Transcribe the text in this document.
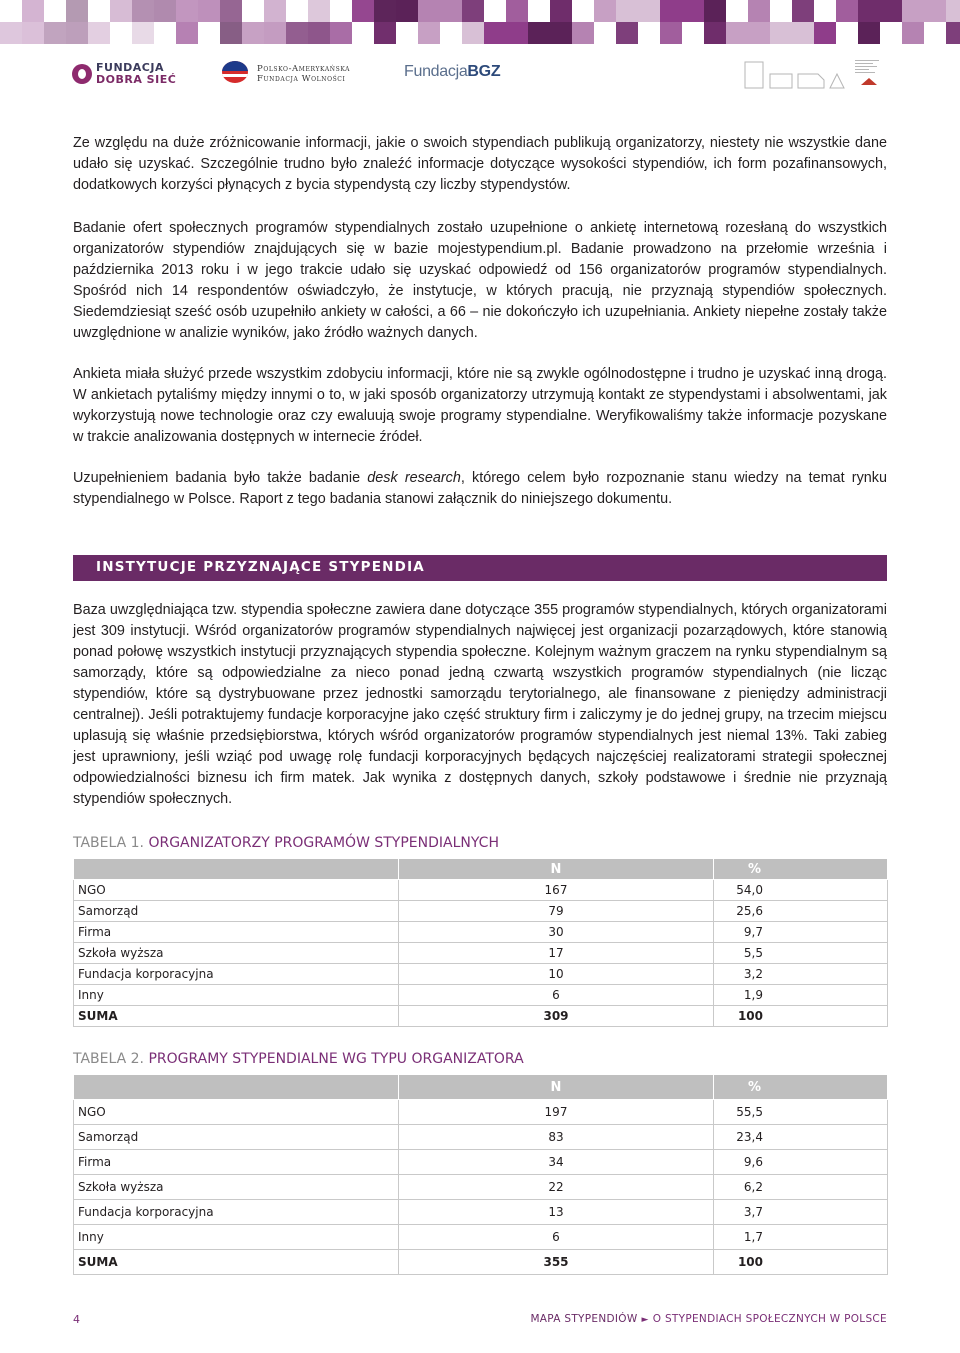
FUNDACJA
DOBRA SIEĆ
Polsko-Amerykańska
Fundacja Wolności	FundacjaBGZ

Ze względu na duże zróżnicowanie informacji, jakie o swoich stypendiach publikują organizatorzy, niestety nie wszystkie dane udało się uzyskać. Szczególnie trudno było znaleźć informacje dotyczące wysokości stypendiów, ich form pozafinansowych, dodatkowych korzyści płynących z bycia stypendystą czy liczby stypendystów.

Badanie ofert społecznych programów stypendialnych zostało uzupełnione o ankietę internetową rozesłaną do wszystkich organizatorów stypendiów znajdujących się w bazie mojestypendium.pl. Badanie prowadzono na przełomie września i października 2013 roku i w jego trakcie udało się uzyskać odpowiedź od 156 organizatorów programów stypendialnych. Spośród nich 14 respondentów oświadczyło, że instytucje, w których pracują, nie przyznają stypendiów społecznych. Siedemdziesiąt sześć osób uzupełniło ankiety w całości, a 66 – nie dokończyło ich uzupełniania. Ankiety niepełne zostały także uwzględnione w analizie wyników, jako źródło ważnych danych.

Ankieta miała służyć przede wszystkim zdobyciu informacji, które nie są zwykle ogólnodostępne i trudno je uzyskać inną drogą. W ankietach pytaliśmy między innymi o to, w jaki sposób organizatorzy utrzymują kontakt ze stypendystami i absolwentami, jak wykorzystują nowe technologie oraz czy ewaluują swoje programy stypendialne. Weryfikowaliśmy także informacje pozyskane w trakcie analizowania dostępnych w internecie źródeł.

Uzupełnieniem badania było także badanie desk research, którego celem było rozpoznanie stanu wiedzy na temat rynku stypendialnego w Polsce. Raport z tego badania stanowi załącznik do niniejszego dokumentu.

INSTYTUCJE PRZYZNAJĄCE STYPENDIA

Baza uwzględniająca tzw. stypendia społeczne zawiera dane dotyczące 355 programów stypendialnych, których organizatorami jest 309 instytucji. Wśród organizatorów programów stypendialnych najwięcej jest organizacji pozarządowych, które stanowią ponad połowę wszystkich instytucji przyznających stypendia społeczne. Kolejnym ważnym graczem na rynku stypendialnym są samorządy, które są odpowiedzialne za nieco ponad jedną czwartą wszystkich programów stypendialnych (nie licząc stypendiów, które są dystrybuowane przez jednostki samorządu terytorialnego, ale finansowane z pieniędzy administracji centralnej). Jeśli potraktujemy fundacje korporacyjne jako część struktury firm i zaliczymy je do jednej grupy, na trzecim miejscu uplasują się właśnie przedsiębiorstwa, których wśród organizatorów programów stypendialnych jest niemal 13%. Taki zabieg jest uprawniony, jeśli wziąć pod uwagę rolę fundacji korporacyjnych będących najczęściej realizatorami strategii społecznej odpowiedzialności biznesu ich firm matek. Jak wynika z dostępnych danych, szkoły podstawowe i średnie nie przyznają stypendiów społecznych.

TABELA 1. ORGANIZATORZY PROGRAMÓW STYPENDIALNYCH
	N	%
NGO	167	54,0
Samorząd	79	25,6
Firma	30	9,7
Szkoła wyższa	17	5,5
Fundacja korporacyjna	10	3,2
Inny	6	1,9
SUMA	309	100
TABELA 2. PROGRAMY STYPENDIALNE WG TYPU ORGANIZATORA
	N	%
NGO	197	55,5
Samorząd	83	23,4
Firma	34	9,6
Szkoła wyższa	22	6,2
Fundacja korporacyjna	13	3,7
Inny	6	1,7
SUMA	355	100
4	MAPA STYPENDIÓW ► O STYPENDIACH SPOŁECZNYCH W POLSCE
